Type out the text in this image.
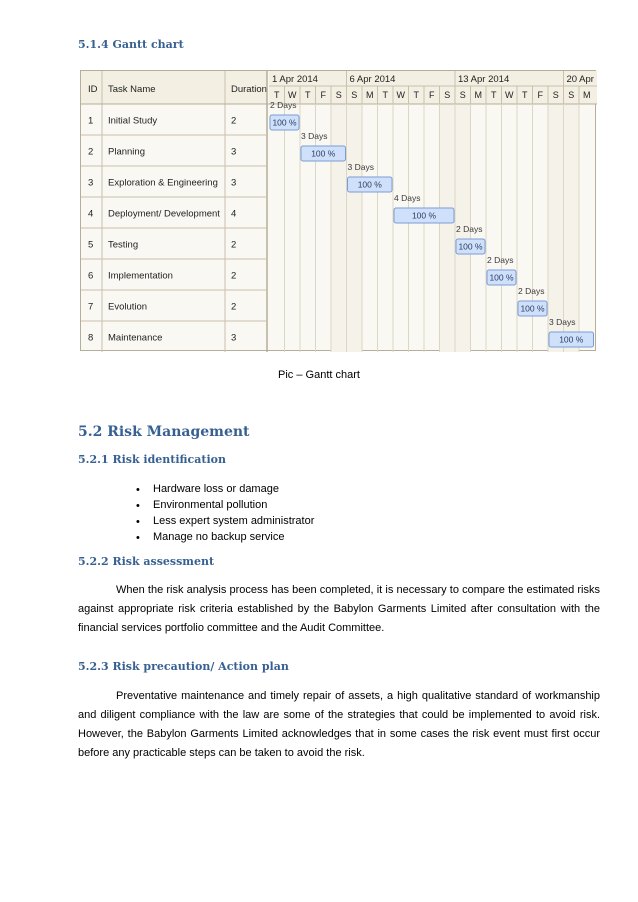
5.1.4 Gantt chart
ID Task Name	Duration
1 Apr 2014	6 Apr 2014	13 Apr 2014	20 Apr
T W T F S S M T W T F S S M T W T F S S M
1 Initial Study	2
2 Days
100 %
2 Planning	3
3 Days
100 %
3 Exploration & Engineering 3
3 Days
100 %
4 Deployment/ Development 4
4 Days
100 %
5 Testing	2
2 Days
100 %
6 Implementation	2
2 Days
100 %
7 Evolution	2
2 Days
100 %
8 Maintenance	3
3 Days
100 %
Pic – Gantt chart
5.2 Risk Management
5.2.1 Risk identification
• Hardware loss or damage
• Environmental pollution
• Less expert system administrator
• Manage no backup service
5.2.2 Risk assessment

When the risk analysis process has been completed, it is necessary to compare the estimated risks against appropriate risk criteria established by the Babylon Garments Limited after consultation with the financial services portfolio committee and the Audit Committee.

5.2.3 Risk precaution/ Action plan

Preventative maintenance and timely repair of assets, a high qualitative standard of workmanship and diligent compliance with the law are some of the strategies that could be implemented to avoid risk. However, the Babylon Garments Limited acknowledges that in some cases the risk event must first occur before any practicable steps can be taken to avoid the risk.
